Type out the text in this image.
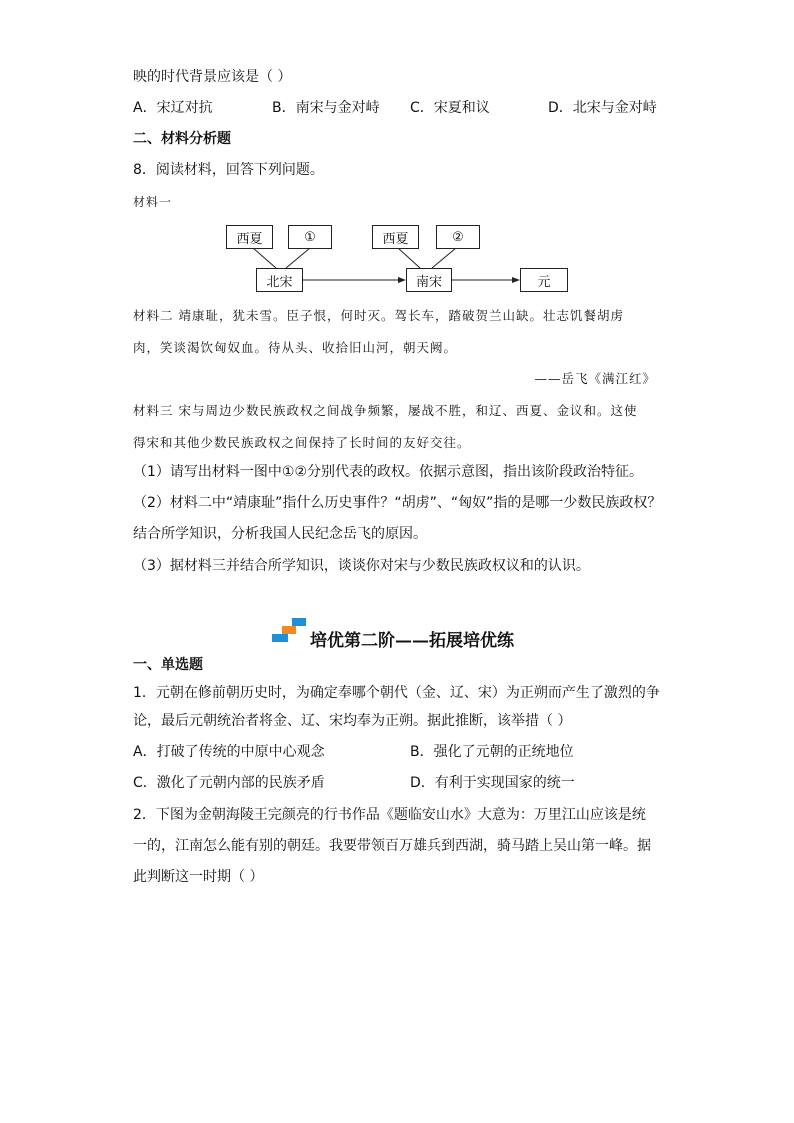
映的时代背景应该是（ ）
A．宋辽对抗	B．南宋与金对峙 C．宋夏和议	D．北宋与金对峙
二、材料分析题
8．阅读材料，回答下列问题。
材料一
西夏	①	西夏	②
北宋	南宋	元
材料二 靖康耻，犹未雪。臣子恨，何时灭。驾长车，踏破贺兰山缺。壮志饥餐胡虏
肉，笑谈渴饮匈奴血。待从头、收拾旧山河，朝天阙。
——岳飞《满江红》
材料三 宋与周边少数民族政权之间战争频繁，屡战不胜，和辽、西夏、金议和。这使
得宋和其他少数民族政权之间保持了长时间的友好交往。
（1）请写出材料一图中①②分别代表的政权。依据示意图，指出该阶段政治特征。
（2）材料二中“靖康耻”指什么历史事件？“胡虏”、“匈奴”指的是哪一少数民族政权？
结合所学知识，分析我国人民纪念岳飞的原因。
（3）据材料三并结合所学知识，谈谈你对宋与少数民族政权议和的认识。
培优第二阶——拓展培优练
一、单选题
1．元朝在修前朝历史时，为确定奉哪个朝代（金、辽、宋）为正朔而产生了激烈的争
论，最后元朝统治者将金、辽、宋均奉为正朔。据此推断，该举措（ ）
A．打破了传统的中原中心观念	B．强化了元朝的正统地位
C．激化了元朝内部的民族矛盾	D．有利于实现国家的统一
2．下图为金朝海陵王完颜亮的行书作品《题临安山水》大意为：万里江山应该是统
一的，江南怎么能有别的朝廷。我要带领百万雄兵到西湖，骑马踏上吴山第一峰。据
此判断这一时期（ ）
